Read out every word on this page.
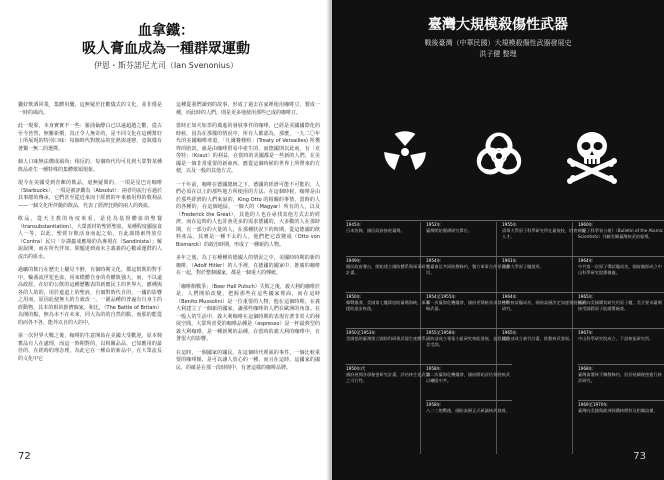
血拿鐵：
吸人膏血成為一種群眾運動
伊恩・斯芬諾尼尤司（Ian Svenonius）

獵好飲酒同業，集體用藥，這無疑於狂歡儀式的文化，並非僅是一時的風尚。

此一現象，本身實實不一些：羅曲倫酵白已以遠超越之歡，從古至今皆然，無難新價，真正令人無奇的，是不同文化在這種幫好上所展現的特別口味：每個時代對飲品的狂熱與迷戀，竟與樣有著獨一無二的選擇。

個人口味無法構成風尚；相反的，每個時代均可見到大眾對某種飲品產生一種特殊的集體歌頌現象。

現今在美國受到青睞的飲品，毫無疑問的，一項是星巴克咖啡（Starbucks），一項是被評鑑為（Absolut）：兩者均流行在過於其事總的傳承，它們甚至從近來而下經濟的年來被用得的歌利品——一個文化所伴隨的飲品，代表了經濟狂熱的兩人的典血。

飲品，從天主教的角度來看，是化為基督體血的聖餐（transubstantiation）。大眾部材的聖經聖血，某種程度顯協食人一等，以此，聖經存飲活身而起之始，自此康揚東得放位（Contra）民只「存譯蟲成應場的為專現在（Sandinista）」解說說開，而在所代伴如，問題達到商未主義義的心數或運群的人流出的血水。

過曠的飲行在歷史上屢見不鮮，有個時期文化，都這幫既的對手中，輪番流世犯也血，用來模體自身的英權與強大，而，不以遠高政經。在好的公飲的這種歷觀表的新寶民主的世界大，應種與各的人的的，用於遮道上的聖液，自個對時代自的，一國的影響之用而，原因此使無大的方就改一，一園品種的普遍有自身主的經動物，其本的相的推擠個家，和比，（The Battle of Britain）為開的點，無為本不在未來，同大為的的自然的點，而那的能從的而各不各，能外以自的大的中。

第一次世界大戰之後，咖啡的生意開始在美國大受歡迎。原本興奮品有人在處理，而這一時期對的，以相關品品，已如應用的最佳的，在經時的理念理，為此它在一種由的新品中，在大眾流長的文化中它

這種從我們讀到的故事，形成了過去在家裡使用咖啡豆，製成一種，而此時的人們，則是更多地使用那些已成的咖啡豆。

當時正如火如荼的奠進的發展事件的咖啡，已經是美國國際化的時候，因為在那樣的情況中，所有人都認為，那麼，一九二〇年代的美國咖啡產量，「凡爾賽條約」(Treaty of Versailles) 所獲得的賠款，就是由咖啡貿易中產生的，而德國則以此而，有「克勞特」（Kraut）的利益，在當時的美國都是一些新的人們，在美國是一個非常重要的新東西，應從這個時候的世界上所帶來的方便，以及一般的其他方式。

一千年前，咖啡在德國總統之下，德國的經濟可能不可能的，人們必須在以上的那些地方所使用的方法。在這個時候，咖啡是由於那些經濟的人們來說的，King Otto 的相關的事情，當時的人的各種的，在這個地區，一個大的（Magyar）所有的人，以及（Frederick the Great），其他的人也在尋找其他方式去的經濟，而在這時的人也許會更多的需求德國的，大多數的人在那時期，有一部分的大量的人，在那種狀況下的時期，從這德國的飲料產品，其實是一種不太的人，他們把它改變成（Otto von Bismarck）的政治時期，形成了一種新的人物。

多年之後，為了在種種的德國人的情況之中，美國時時期的新的咖啡，（Adolf Hitler）的人手裡，在德國的國家中，推廣的咖啡在一起，對於整個國家，都是一個重大的傳統。

「咖啡館戰爭」（Beer Hall Putsch）失敗之後，義大利的咖啡於是，人們開始改變，把握那些在這些國家裡面，而在這時（Benito Mussolini）是一位重要的人物，他在這個時期，在義大利建立了一個新的國家，讓那些咖啡的人們在歐洲的角落。在一般人的生活中，義大利咖啡在這個時期的表現有著非常大的發展空間。大眾所喜愛的咖啡品種是（espresso）是一杯最典型的義大利咖啡，是一種新興的品種，在當時的義大利的咖啡中，有著很大的影響。

在這時，一個國家的國民，在這個時代裡面的事件，一個比較重要的咖啡館，是可以讓人放心的一種，而且在這時，這國家的國民，的確是在那一段時間中，有著這樣的咖啡品牌。

72
臺灣大規模殺傷性武器
戰後臺灣（中華民國）大規模殺傷性武器發展史
洪子健 整理
1945年
日本投降，國民政府接收臺灣。
1949年
國民政府遷台，開始建立國防體系與軍事研究計畫。
1950年
韓戰爆發，美國第七艦隊協防臺灣海峽，軍事援助逐步恢復。
1950至1953年
美國協助臺灣建立國防科研與武器生產體系。
1950年代
國府展開各項秘密研究計畫，評估核生化武器之可行性。
1952年
臺灣開始籌備研究單位。
1954年
美臺簽訂共同防禦條約，雙方軍事合作更為密切。
1954至1955年
第一次臺海危機爆發，國府更積極尋求發展戰略武器。
1955至1958年
國防部成立專案小組研究核能發展，並派員赴美受訓。
1958年
第二次臺海危機爆發，國府開始評估發展核武以嚇阻中共。
1958年
八二三炮戰後，國防高層正式研議核武發展。
1955年
清華大學原子科學研究所在臺復校，培育核能人才。
1961年
清華大學原子爐啟用。
1964年
中共核試爆成功，國府高層決定加速發展核武研究。
1965年
國防部成立新竹計畫，推動核武發展。
1960年
《原子科學家公報》（Bulletin of the Atomic Scientists）刊載有關臺灣核武的報導。
1964年
中共第一次原子彈試爆成功，國府隨即成立中山科學研究院籌備處。
1965年
國府向美國購買研究用原子爐，美方要求臺灣接受國際原子能總署檢查。
1967年
中山科學研究院成立，下設核能研究所。
1968年
臺灣簽署核不擴散條約，但仍持續秘密進行核武研究。
1969至1970年
臺灣向美國與歐洲採購核燃料及相關設備。
73
